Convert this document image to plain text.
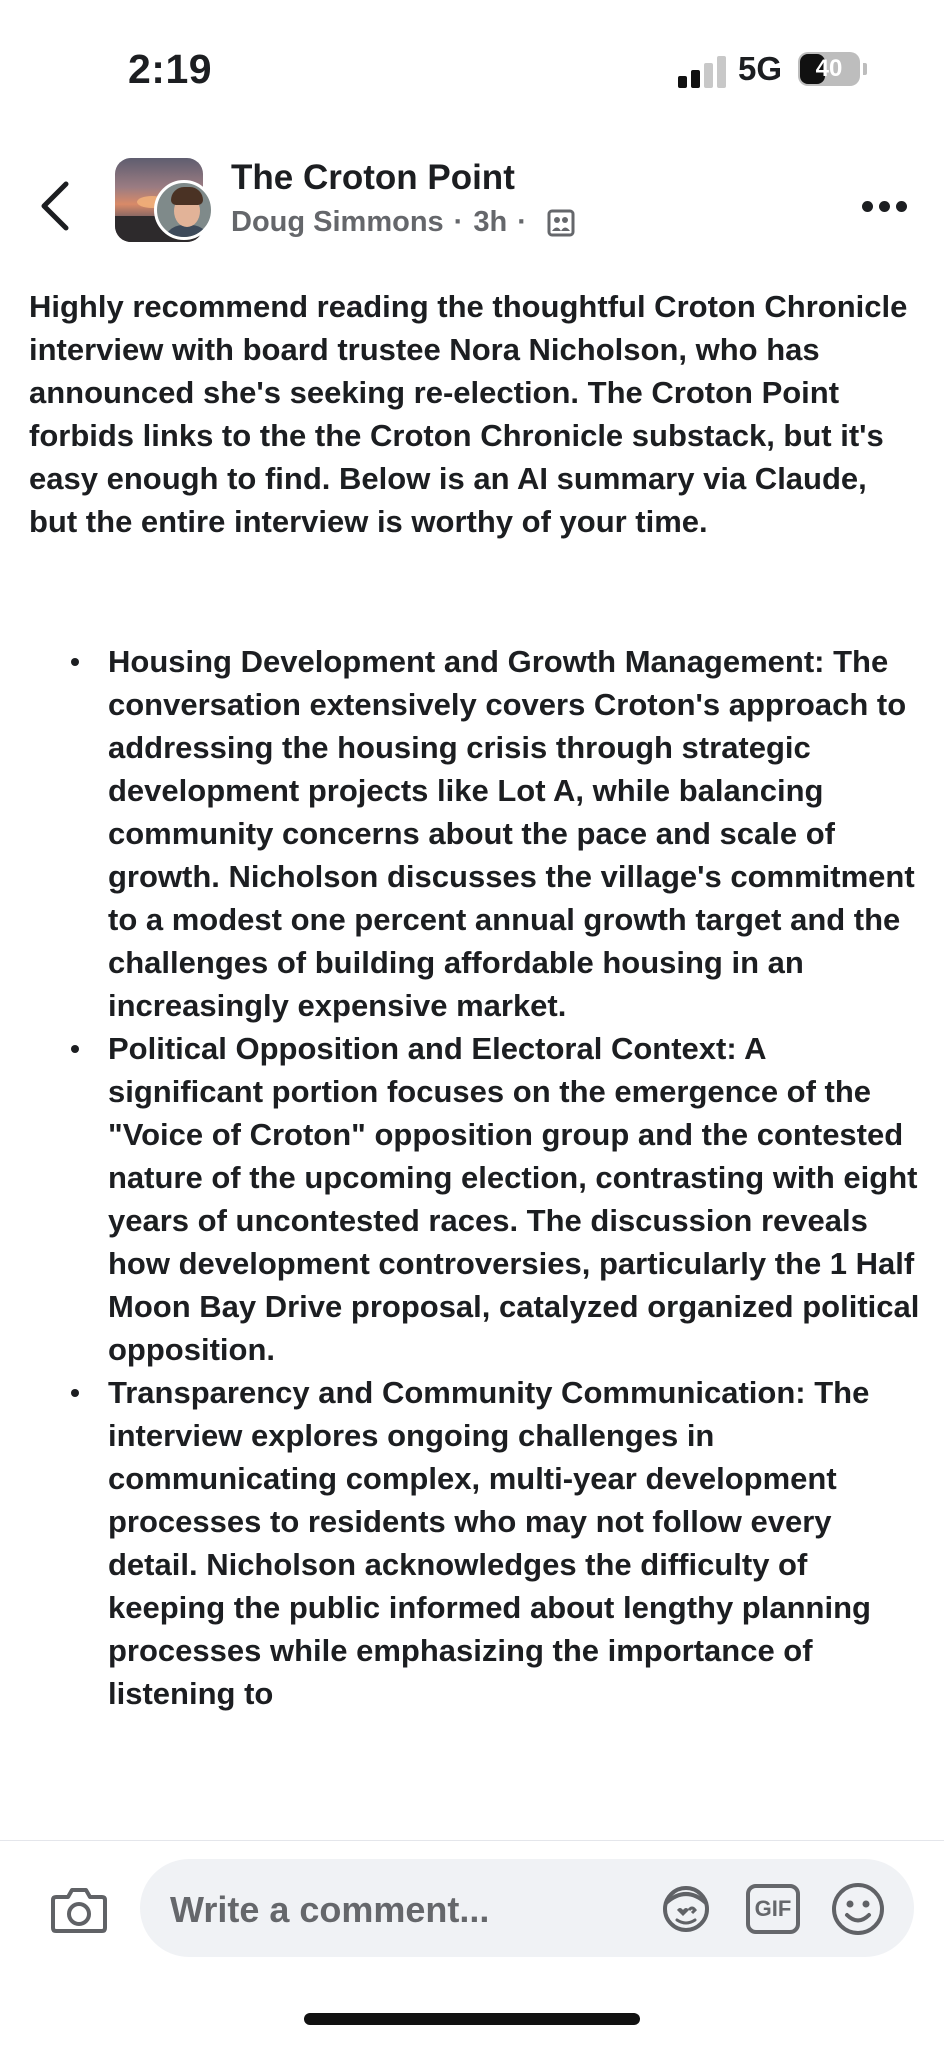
2:19	5G	40
The Croton Point
Doug Simmons · 3h ·
Highly recommend reading the thoughtful Croton Chronicle interview with board trustee Nora Nicholson, who has announced she's seeking re-election. The Croton Point forbids links to the the Croton Chronicle substack, but it's easy enough to find. Below is an AI summary via Claude, but the entire interview is worthy of your time.
Housing Development and Growth Management: The conversation extensively covers Croton's approach to addressing the housing crisis through strategic development projects like Lot A, while balancing community concerns about the pace and scale of growth. Nicholson discusses the village's commitment to a modest one percent annual growth target and the challenges of building affordable housing in an increasingly expensive market.
Political Opposition and Electoral Context: A significant portion focuses on the emergence of the "Voice of Croton" opposition group and the contested nature of the upcoming election, contrasting with eight years of uncontested races. The discussion reveals how development controversies, particularly the 1 Half Moon Bay Drive proposal, catalyzed organized political opposition.
Transparency and Community Communication: The interview explores ongoing challenges in communicating complex, multi-year development processes to residents who may not follow every detail. Nicholson acknowledges the difficulty of keeping the public informed about lengthy planning processes while emphasizing the importance of listening to
Write a comment...	GIF
